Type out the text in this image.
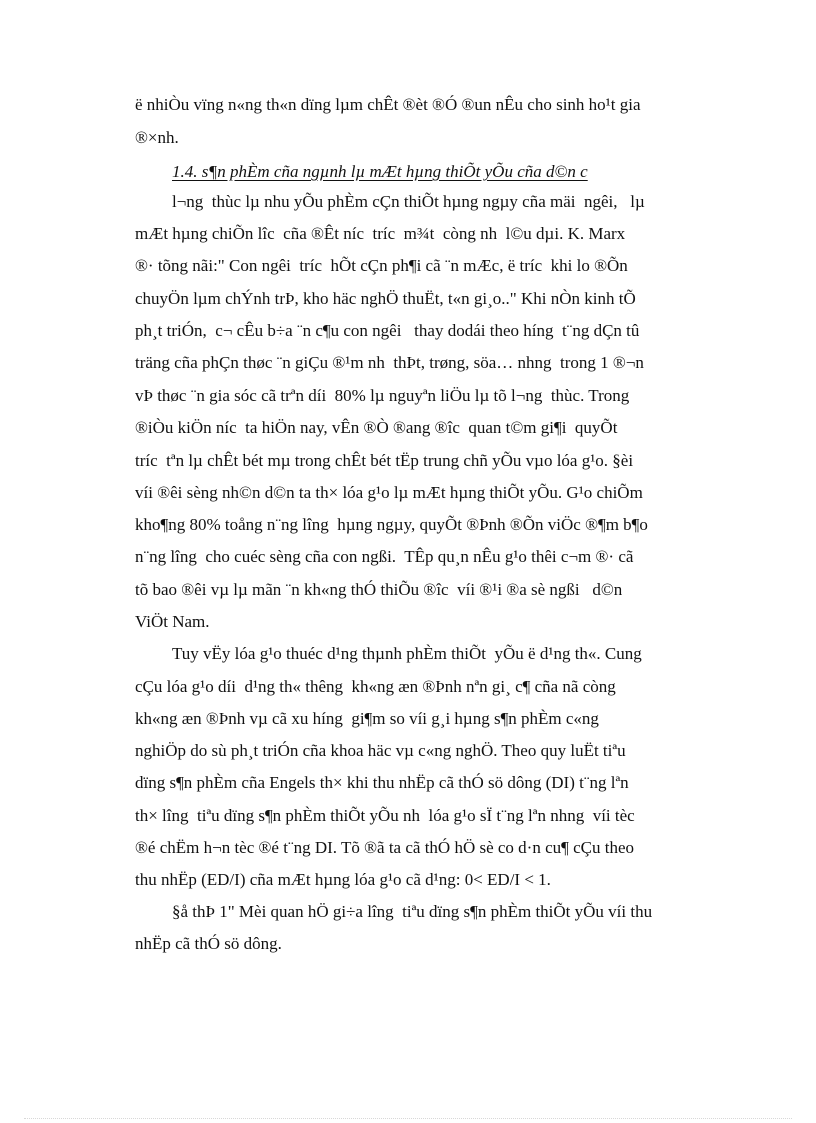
ë nhiÒu vïng n«ng th«n dïng lµm chÊt ®èt ®Ó ®un nÊu cho sinh ho¹t gia

®×nh.

1.4. s¶n phÈm cña ngµnh lµ mÆt hµng thiÕt yÕu cña d©n c

l¬ng  thùc lµ nhu yÕu phÈm cÇn thiÕt hµng ngµy cña mäi  ngêi,   lµ

mÆt hµng chiÕn lîc  cña ®Êt níc  tríc  m¾t  còng nh  l©u dµi. K. Marx

®· tõng nãi:" Con ngêi  tríc  hÕt cÇn ph¶i cã ¨n mÆc, ë tríc  khi lo ®Õn

chuyÖn lµm chÝnh trÞ, kho häc nghÖ thuËt, t«n gi¸o.." Khi nÒn kinh tÕ

ph¸t triÓn,  c¬ cÊu b÷a ¨n c¶u con ngêi   thay dodái theo híng  t¨ng dÇn tû

träng cña phÇn thøc ¨n giÇu ®¹m nh  thÞt, trøng, söa… nhng  trong 1 ®¬n

vÞ thøc ¨n gia sóc cã trªn díi  80% lµ nguyªn liÖu lµ tõ l¬ng  thùc. Trong

®iÒu kiÖn níc  ta hiÖn nay, vÊn ®Ò ®ang ®îc  quan t©m gi¶i  quyÕt

tríc  tªn lµ chÊt bét mµ trong chÊt bét tËp trung chñ yÕu vµo lóa g¹o. §èi

víi ®êi sèng nh©n d©n ta th× lóa g¹o lµ mÆt hµng thiÕt yÕu. G¹o chiÕm

kho¶ng 80% toång n¨ng lîng  hµng ngµy, quyÕt ®Þnh ®Õn viÖc ®¶m b¶o

n¨ng lîng  cho cuéc sèng cña con ngßi.  TÊp qu¸n nÊu g¹o thêi c¬m ®· cã

tõ bao ®êi vµ lµ mãn ¨n kh«ng thÓ thiÕu ®îc  víi ®¹i ®a sè ngßi   d©n

ViÖt Nam.

Tuy vËy lóa g¹o thuéc d¹ng thµnh phÈm thiÕt  yÕu ë d¹ng th«. Cung

cÇu lóa g¹o díi  d¹ng th« thêng  kh«ng æn ®Þnh nªn gi¸ c¶ cña nã còng

kh«ng æn ®Þnh vµ cã xu híng  gi¶m so víi g¸i hµng s¶n phÈm c«ng

nghiÖp do sù ph¸t triÓn cña khoa häc vµ c«ng nghÖ. Theo quy luËt tiªu

dïng s¶n phÈm cña Engels th× khi thu nhËp cã thÓ sö dông (DI) t¨ng lªn

th× lîng  tiªu dïng s¶n phÈm thiÕt yÕu nh  lóa g¹o sÏ t¨ng lªn nhng  víi tèc

®é chËm h¬n tèc ®é t¨ng DI. Tõ ®ã ta cã thÓ hÖ sè co d·n cu¶ cÇu theo

thu nhËp (ED/I) cña mÆt hµng lóa g¹o cã d¹ng: 0< ED/I < 1.

§å thÞ 1" Mèi quan hÖ gi÷a lîng  tiªu dïng s¶n phÈm thiÕt yÕu víi thu

nhËp cã thÓ sö dông.
